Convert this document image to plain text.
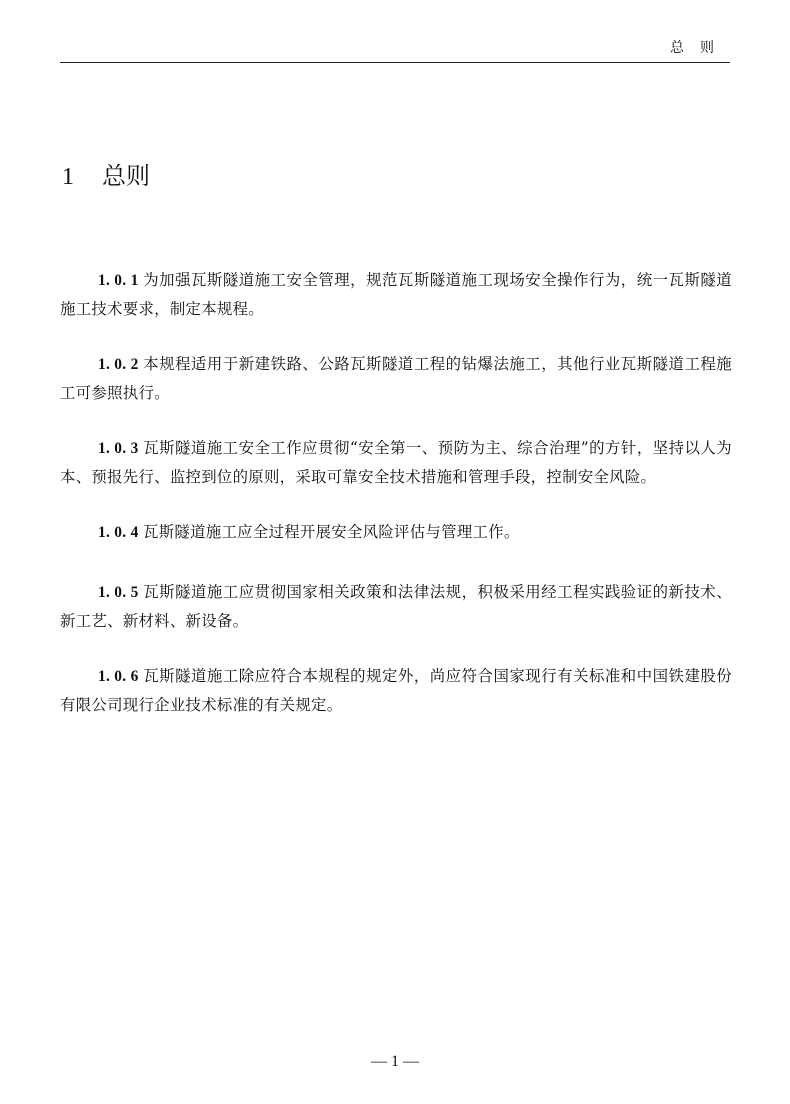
总则
1 总则

1. 0. 1 为加强瓦斯隧道施工安全管理，规范瓦斯隧道施工现场安全操作行为，统一瓦斯隧道施工技术要求，制定本规程。

1. 0. 2 本规程适用于新建铁路、公路瓦斯隧道工程的钻爆法施工，其他行业瓦斯隧道工程施工可参照执行。

1. 0. 3 瓦斯隧道施工安全工作应贯彻“安全第一、预防为主、综合治理”的方针，坚持以人为本、预报先行、监控到位的原则，采取可靠安全技术措施和管理手段，控制安全风险。

1. 0. 4 瓦斯隧道施工应全过程开展安全风险评估与管理工作。

1. 0. 5 瓦斯隧道施工应贯彻国家相关政策和法律法规，积极采用经工程实践验证的新技术、新工艺、新材料、新设备。

1. 0. 6 瓦斯隧道施工除应符合本规程的规定外，尚应符合国家现行有关标准和中国铁建股份有限公司现行企业技术标准的有关规定。

— 1 —
